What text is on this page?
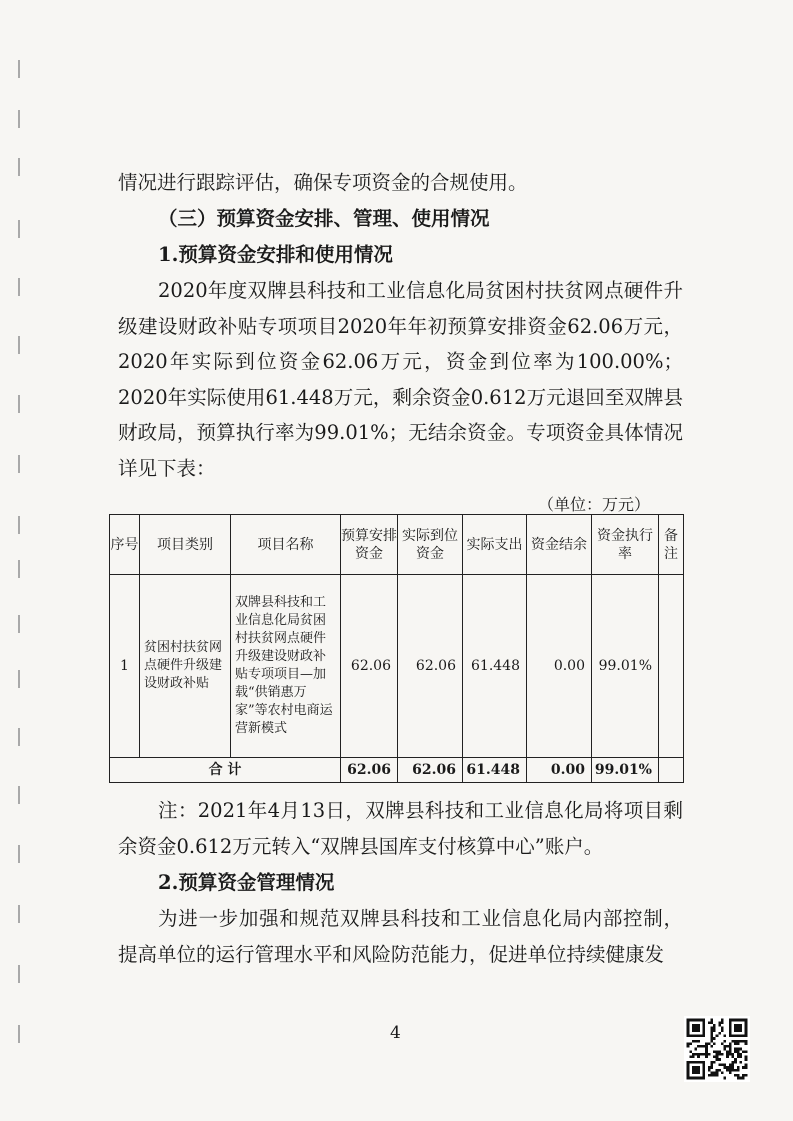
情况进行跟踪评估，确保专项资金的合规使用。

（三）预算资金安排、管理、使用情况

1.预算资金安排和使用情况

2020年度双牌县科技和工业信息化局贫困村扶贫网点硬件升级建设财政补贴专项项目2020年年初预算安排资金62.06万元，2020年实际到位资金62.06万元，资金到位率为100.00%；2020年实际使用61.448万元，剩余资金0.612万元退回至双牌县财政局，预算执行率为99.01%；无结余资金。专项资金具体情况详见下表：

（单位：万元）
序号	项目类别	项目名称	预算安排资金	实际到位资金	实际支出	资金结余	资金执行率	备注
1	贫困村扶贫网点硬件升级建设财政补贴	双牌县科技和工业信息化局贫困村扶贫网点硬件升级建设财政补贴专项项目—加载“供销惠万家”等农村电商运营新模式	62.06	62.06	61.448	0.00	99.01%	
合 计			62.06	62.06	61.448	0.00	99.01%	

注：2021年4月13日，双牌县科技和工业信息化局将项目剩余资金0.612万元转入“双牌县国库支付核算中心”账户。

2.预算资金管理情况

为进一步加强和规范双牌县科技和工业信息化局内部控制，提高单位的运行管理水平和风险防范能力，促进单位持续健康发

4
